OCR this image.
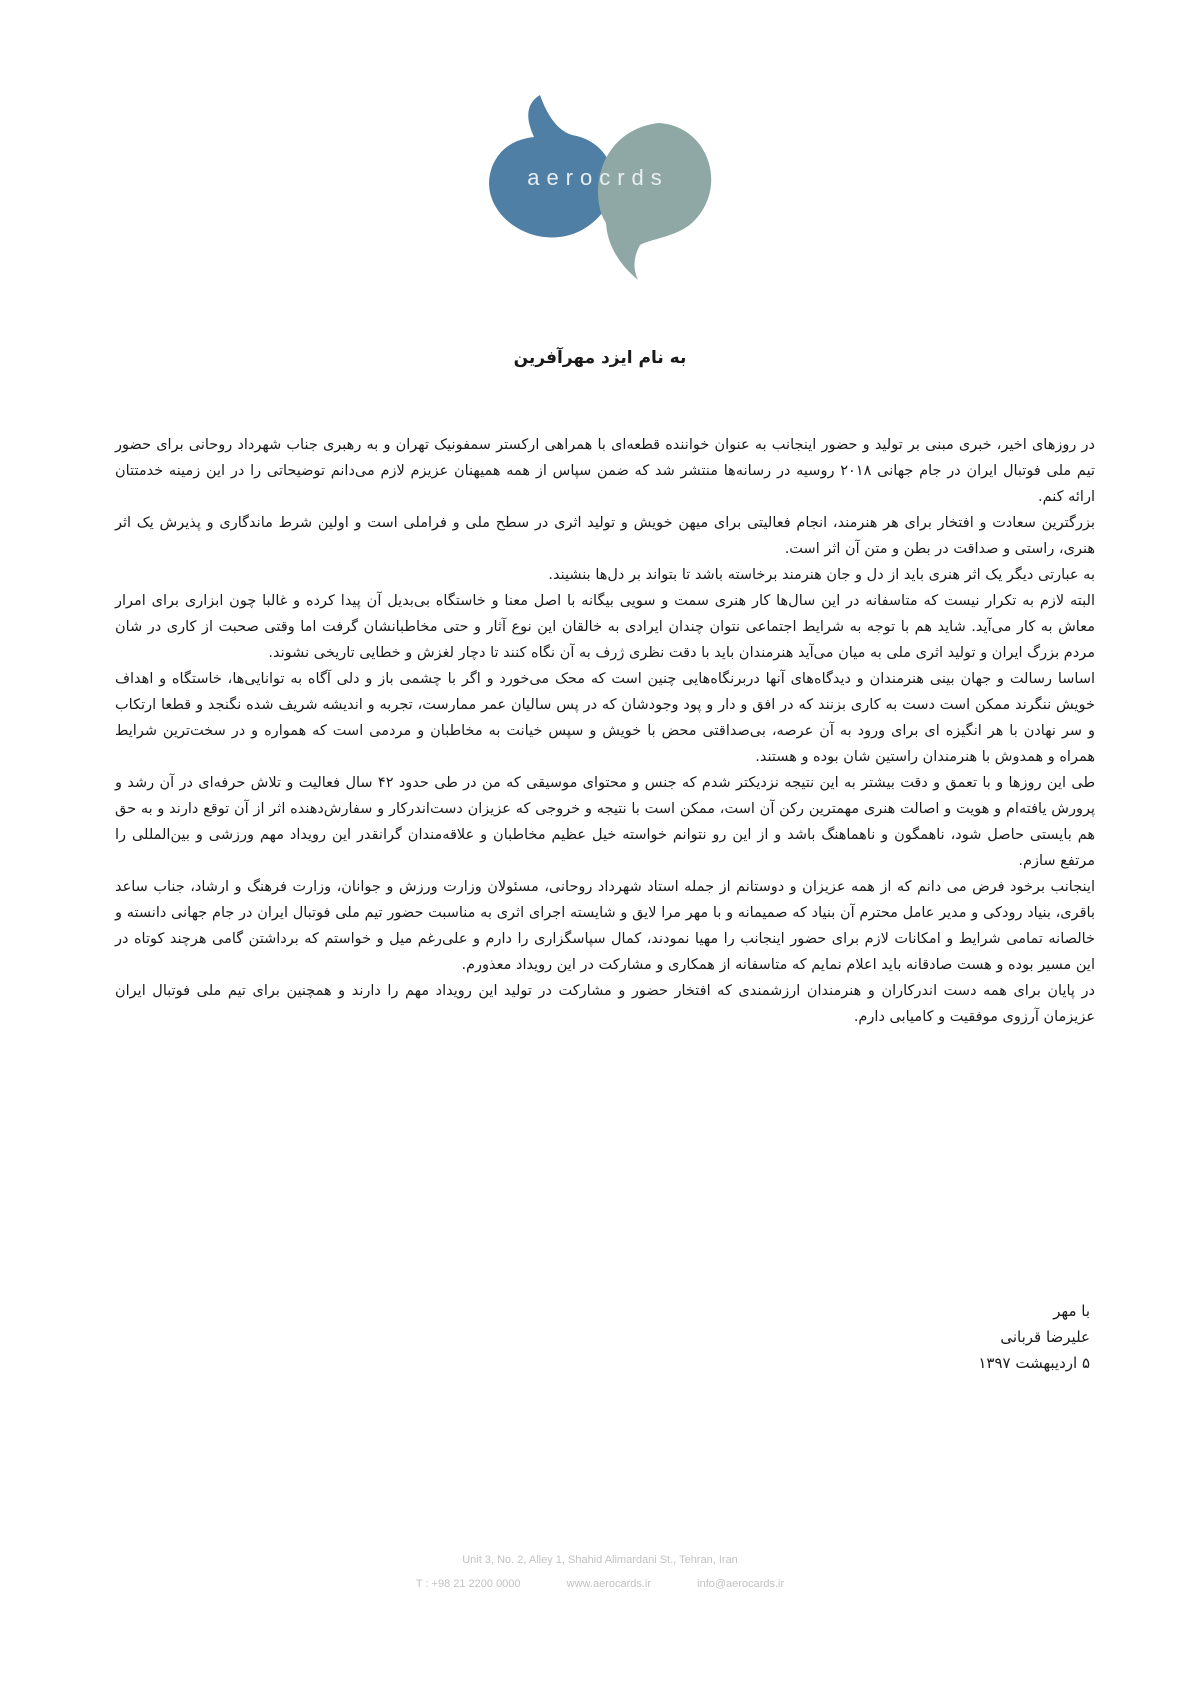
aerocrds
به نام ایزد مهرآفرین

در روزهای اخیر، خبری مبنی بر تولید و حضور اینجانب به عنوان خواننده قطعه‌ای با همراهی ارکستر سمفونیک تهران و به رهبری جناب شهرداد روحانی برای حضور تیم ملی فوتبال ایران در جام جهانی ۲۰۱۸ روسیه در رسانه‌ها منتشر شد که ضمن سپاس از همه همیهنان عزیزم لازم می‌دانم توضیحاتی را در این زمینه خدمتتان ارائه کنم.

بزرگترین سعادت و افتخار برای هر هنرمند، انجام فعالیتی برای میهن خویش و تولید اثری در سطح ملی و فراملی است و اولین شرط ماندگاری و پذیرش یک اثر هنری، راستی و صداقت در بطن و متن آن اثر است.

به عبارتی دیگر یک اثر هنری باید از دل و جان هنرمند برخاسته باشد تا بتواند بر دل‌ها بنشیند.

البته لازم به تکرار نیست که متاسفانه در این سال‌ها کار هنری سمت و سویی بیگانه با اصل معنا و خاستگاه بی‌بدیل آن پیدا کرده و غالبا چون ابزاری برای امرار معاش به کار می‌آید. شاید هم با توجه به شرایط اجتماعی نتوان چندان ایرادی به خالقان این نوع آثار و حتی مخاطبانشان گرفت اما وقتی صحبت از کاری در شان مردم بزرگ ایران و تولید اثری ملی به میان می‌آید هنرمندان باید با دقت نظری ژرف به آن نگاه کنند تا دچار لغزش و خطایی تاریخی نشوند.

اساسا رسالت و جهان بینی هنرمندان و دیدگاه‌های آنها دربرنگاه‌هایی چنین است که محک می‌خورد و اگر با چشمی باز و دلی آگاه به توانایی‌ها، خاستگاه و اهداف خویش ننگرند ممکن است دست به کاری بزنند که در افق و دار و پود وجودشان که در پس سالیان عمر ممارست، تجربه و اندیشه شریف شده نگنجد و قطعا ارتکاب و سر نهادن با هر انگیزه ای برای ورود به آن عرصه، بی‌صداقتی محض با خویش و سپس خیانت به مخاطبان و مردمی است که همواره و در سخت‌ترین شرایط همراه و همدوش با هنرمندان راستین شان بوده و هستند.

طی این روزها و با تعمق و دقت بیشتر به این نتیجه نزدیکتر شدم که جنس و محتوای موسیقی که من در طی حدود ۴۲ سال فعالیت و تلاش حرفه‌ای در آن رشد و پرورش یافته‌ام و هویت و اصالت هنری مهمترین رکن آن است، ممکن است با نتیجه و خروجی که عزیزان دست‌اندرکار و سفارش‌دهنده اثر از آن توقع دارند و به حق هم بایستی حاصل شود، ناهمگون و ناهماهنگ باشد و از این رو نتوانم خواسته خیل عظیم مخاطبان و علاقه‌مندان گرانقدر این رویداد مهم ورزشی و بین‌المللی را مرتفع سازم.

اینجانب برخود فرض می دانم که از همه عزیزان و دوستانم از جمله استاد شهرداد روحانی، مسئولان وزارت ورزش و جوانان، وزارت فرهنگ و ارشاد، جناب ساعد باقری، بنیاد رودکی و مدیر عامل محترم آن بنیاد که صمیمانه و با مهر مرا لایق و شایسته اجرای اثری به مناسبت حضور تیم ملی فوتبال ایران در جام جهانی دانسته و خالصانه تمامی شرایط و امکانات لازم برای حضور اینجانب را مهیا نمودند، کمال سپاسگزاری را دارم و علی‌رغم میل و خواستم که برداشتن گامی هرچند کوتاه در این مسیر بوده و هست صادقانه باید اعلام نمایم که متاسفانه از همکاری و مشارکت در این رویداد معذورم.

در پایان برای همه دست اندرکاران و هنرمندان ارزشمندی که افتخار حضور و مشارکت در تولید این رویداد مهم را دارند و همچنین برای تیم ملی فوتبال ایران عزیزمان آرزوی موفقیت و کامیابی دارم.

با مهر
علیرضا قربانی
۵ اردیبهشت ۱۳۹۷
Unit 3, No. 2, Alley 1, Shahid Alimardani St., Tehran, Iran
T : +98 21 2200 0000	www.aerocards.ir	info@aerocards.ir
